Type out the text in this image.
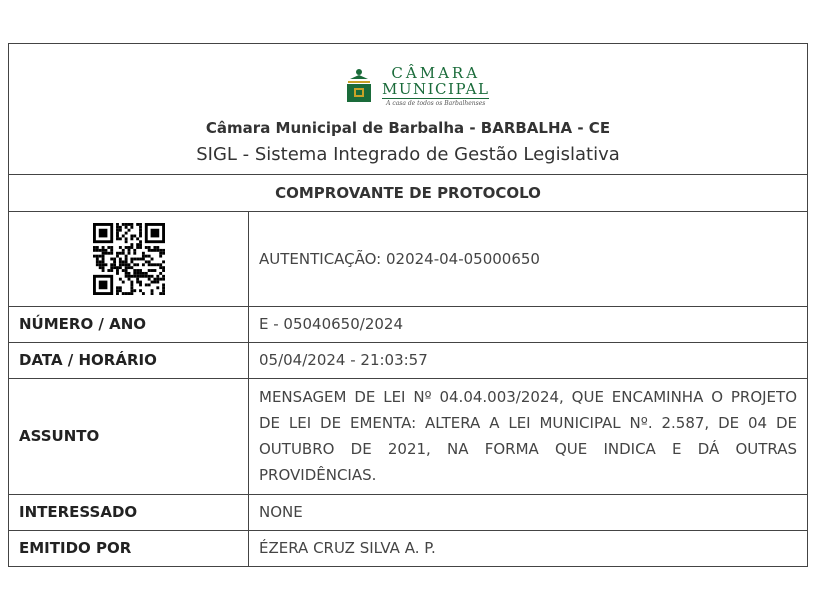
CÂMARA
MUNICIPAL
A casa de todos os Barbalhenses
Câmara Municipal de Barbalha - BARBALHA - CE
SIGL - Sistema Integrado de Gestão Legislativa
COMPROVANTE DE PROTOCOLO
	AUTENTICAÇÃO: 02024-04-05000650
NÚMERO / ANO	E - 05040650/2024
DATA / HORÁRIO	05/04/2024 - 21:03:57
ASSUNTO	MENSAGEM DE LEI Nº 04.04.003/2024, QUE ENCAMINHA O PROJETO DE LEI DE EMENTA: ALTERA A LEI MUNICIPAL Nº. 2.587, DE 04 DE OUTUBRO DE 2021, NA FORMA QUE INDICA E DÁ OUTRAS PROVIDÊNCIAS.
INTERESSADO	NONE
EMITIDO POR	ÉZERA CRUZ SILVA A. P.
